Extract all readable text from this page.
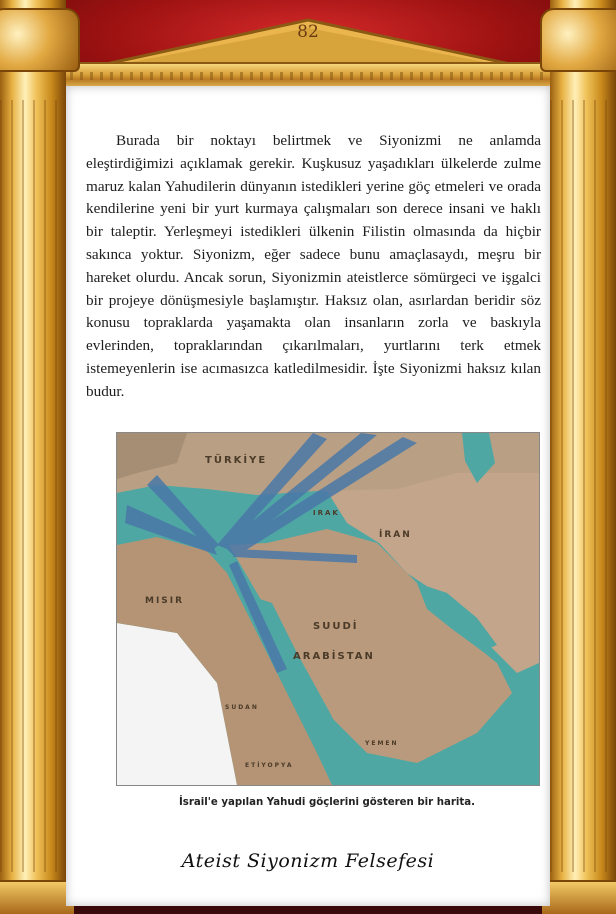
82

Burada bir noktayı belirtmek ve Siyonizmi ne anlamda eleştirdiğimizi açıklamak gerekir. Kuşkusuz yaşadıkları ülkelerde zulme maruz kalan Yahudilerin dünyanın istedikleri yerine göç etmeleri ve orada kendilerine yeni bir yurt kurmaya çalışmaları son derece insani ve haklı bir taleptir. Yerleşmeyi istedikleri ülkenin Filistin olmasında da hiçbir sakınca yoktur. Siyonizm, eğer sadece bunu amaçlasaydı, meşru bir hareket olurdu. Ancak sorun, Siyonizmin ateistlerce sömürgeci ve işgalci bir projeye dönüşmesiyle başlamıştır. Haksız olan, asırlardan beridir söz konusu topraklarda yaşamakta olan insanların zorla ve baskıyla evlerinden, topraklarından çıkarılmaları, yurtlarını terk etmek istemeyenlerin ise acımasızca katledilmesidir. İşte Siyonizmi haksız kılan budur.

TÜRKİYE
İRAN
IRAK
SUUDİ
ARABİSTAN
MISIR
SUDAN
ETİYOPYA
YEMEN
İsrail'e yapılan Yahudi göçlerini gösteren bir harita.
Ateist Siyonizm Felsefesi
